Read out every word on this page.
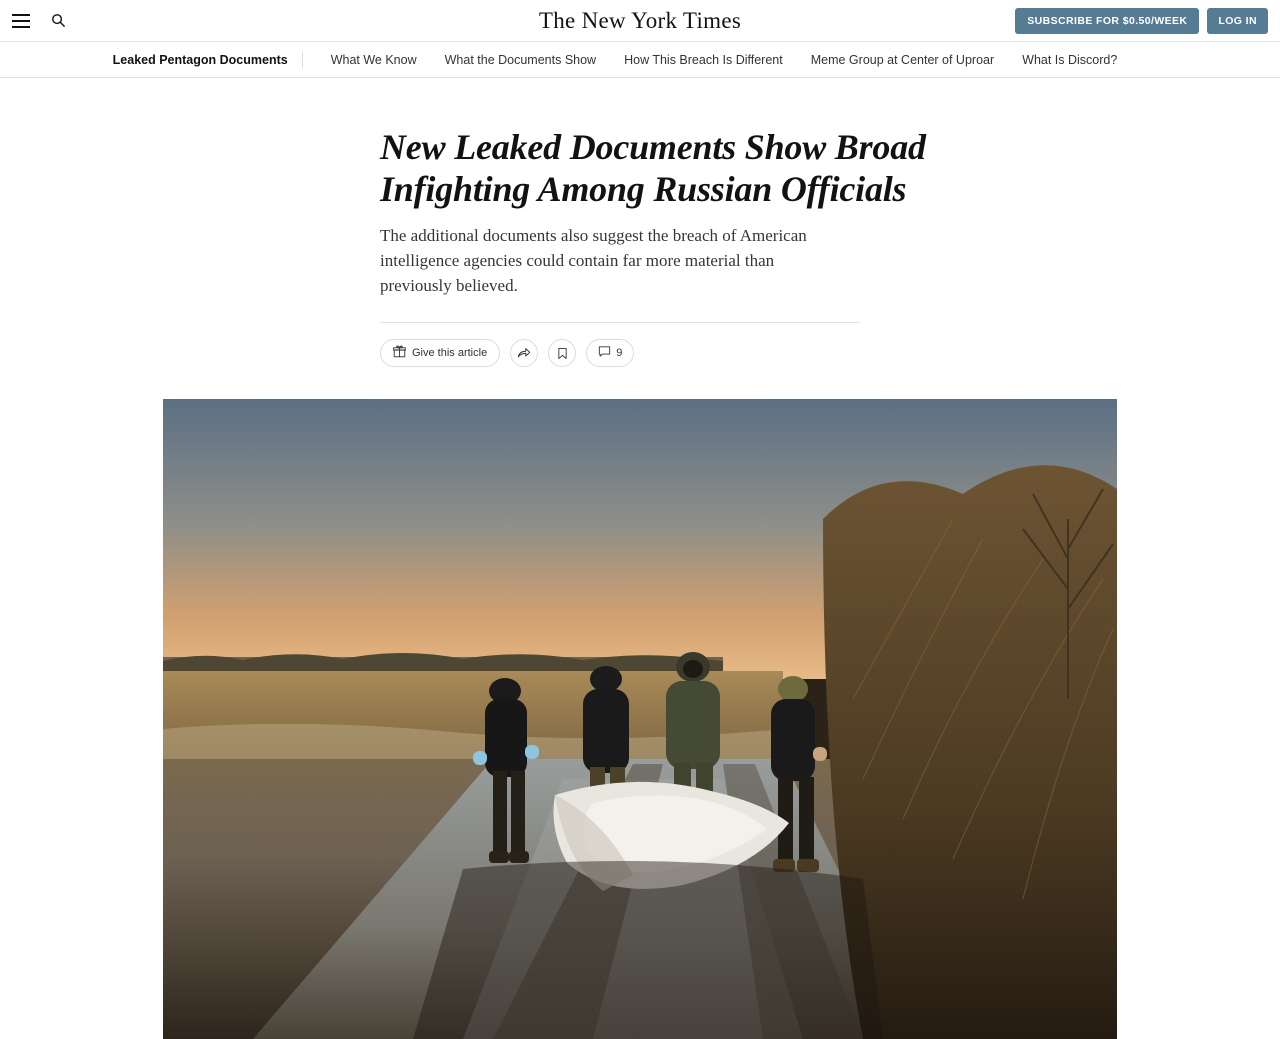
The New York Times	SUBSCRIBE FOR $0.50/WEEK	LOG IN
Leaked Pentagon Documents	What We Know	What the Documents Show	How This Breach Is Different	Meme Group at Center of Uproar	What Is Discord?
New Leaked Documents Show Broad Infighting Among Russian Officials

The additional documents also suggest the breach of American intelligence agencies could contain far more material than previously believed.

Give this article	9
